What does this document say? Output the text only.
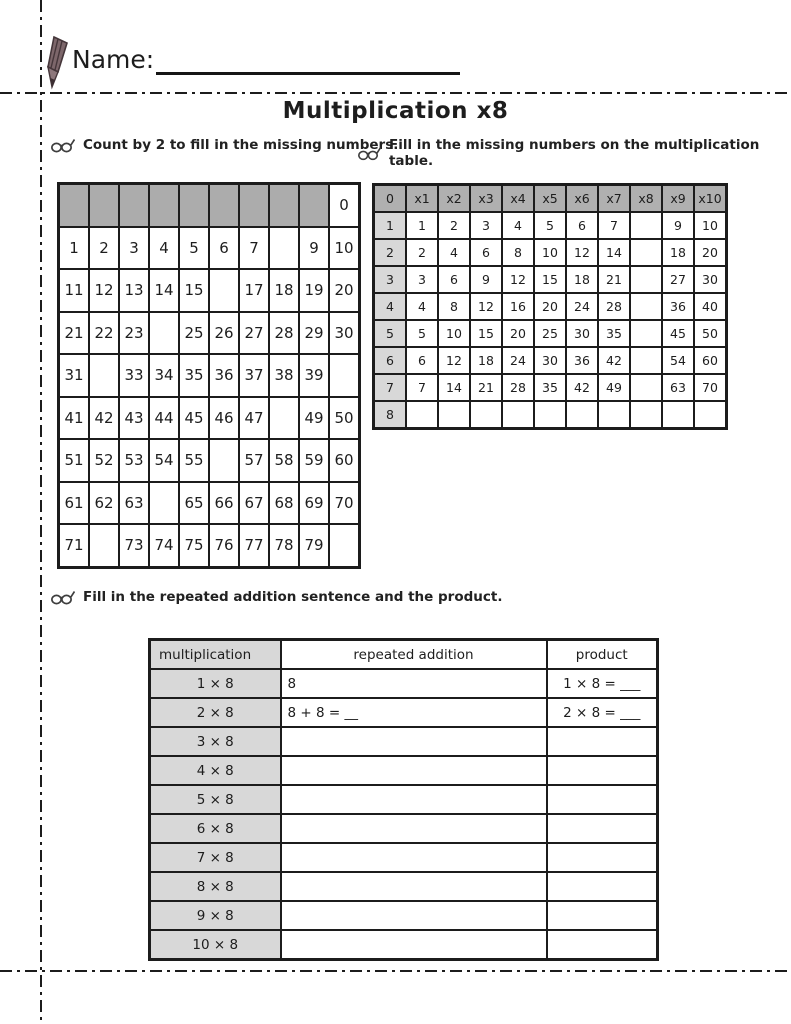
Name:
Multiplication x8
Count by 2 to fill in the missing numbers.
Fill in the missing numbers on the multiplication table.
									0
1	2	3	4	5	6	7		9	10
11	12	13	14	15		17	18	19	20
21	22	23		25	26	27	28	29	30
31		33	34	35	36	37	38	39	
41	42	43	44	45	46	47		49	50
51	52	53	54	55		57	58	59	60
61	62	63		65	66	67	68	69	70
71		73	74	75	76	77	78	79	
0	x1	x2	x3	x4	x5	x6	x7	x8	x9	x10
1	1	2	3	4	5	6	7		9	10
2	2	4	6	8	10	12	14		18	20
3	3	6	9	12	15	18	21		27	30
4	4	8	12	16	20	24	28		36	40
5	5	10	15	20	25	30	35		45	50
6	6	12	18	24	30	36	42		54	60
7	7	14	21	28	35	42	49		63	70
8										
Fill in the repeated addition sentence and the product.
multiplication	repeated addition	product
1 × 8	8	1 × 8 = ___
2 × 8	8 + 8 = __	2 × 8 = ___
3 × 8		
4 × 8		
5 × 8		
6 × 8		
7 × 8		
8 × 8		
9 × 8		
10 × 8		
